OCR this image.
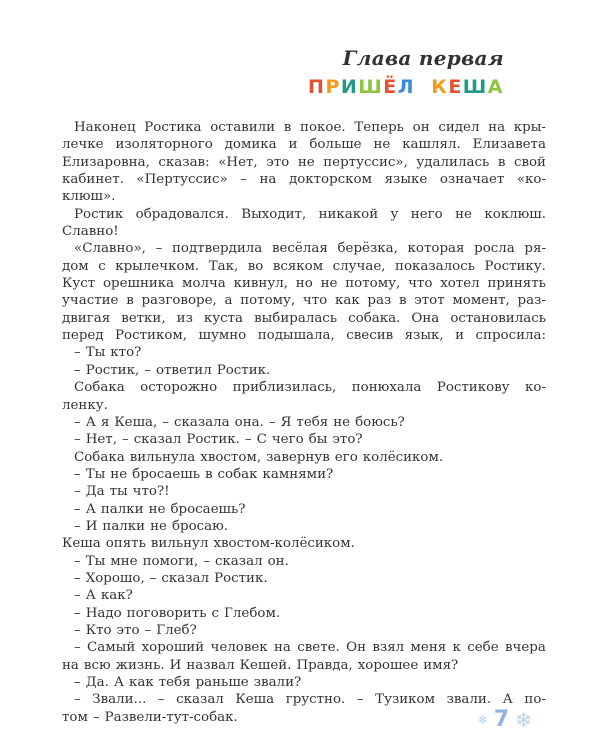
Глава первая
ПРИШЁЛ КЕША
Наконец Ростика оставили в покое. Теперь он сидел на кры-
лечке изоляторного домика и больше не кашлял. Елизавета
Елизаровна, сказав: «Нет, это не пертуссис», удалилась в свой
кабинет. «Пертуссис» – на докторском языке означает «ко-
клюш».
Ростик обрадовался. Выходит, никакой у него не коклюш.
Славно!
«Славно», – подтвердила весёлая берёзка, которая росла ря-
дом с крылечком. Так, во всяком случае, показалось Ростику.
Куст орешника молча кивнул, но не потому, что хотел принять
участие в разговоре, а потому, что как раз в этот момент, раз-
двигая ветки, из куста выбиралась собака. Она остановилась
перед Ростиком, шумно подышала, свесив язык, и спросила:
– Ты кто?
– Ростик, – ответил Ростик.
Собака осторожно приблизилась, понюхала Ростикову ко-
ленку.
– А я Кеша, – сказала она. – Я тебя не боюсь?
– Нет, – сказал Ростик. – С чего бы это?
Собака вильнула хвостом, завернув его колёсиком.
– Ты не бросаешь в собак камнями?
– Да ты что?!
– А палки не бросаешь?
– И палки не бросаю.
Кеша опять вильнул хвостом-колёсиком.
– Ты мне помоги, – сказал он.
– Хорошо, – сказал Ростик.
– А как?
– Надо поговорить с Глебом.
– Кто это – Глеб?
– Самый хороший человек на свете. Он взял меня к себе вчера
на всю жизнь. И назвал Кешей. Правда, хорошее имя?
– Да. А как тебя раньше звали?
– Звали... – сказал Кеша грустно. – Тузиком звали. А по-
том – Развели-тут-собак.	❄ 7 ❄
